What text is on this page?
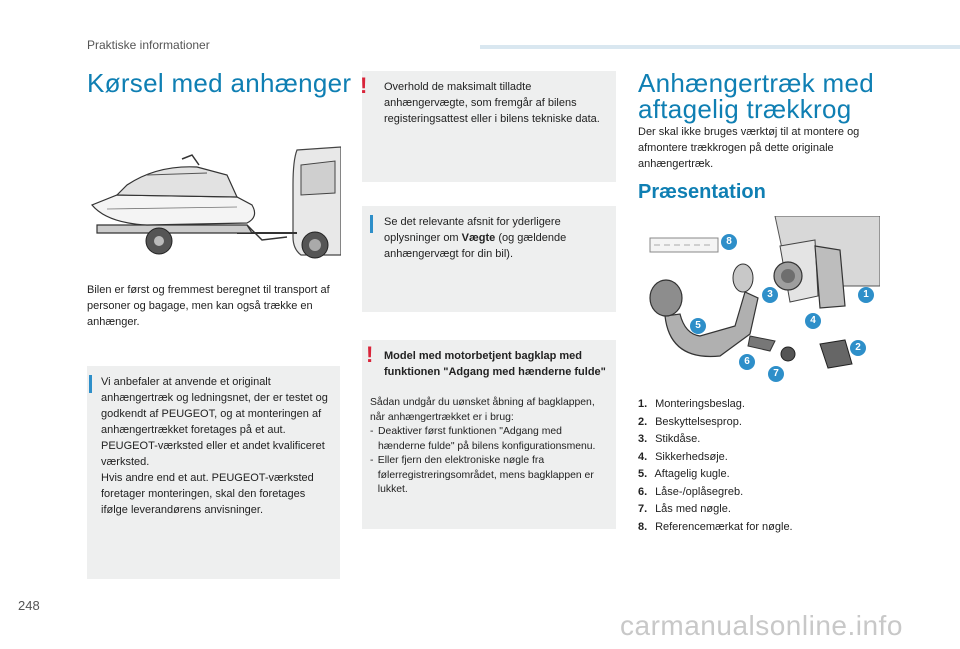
Praktiske informationer
Kørsel med anhænger
Bilen er først og fremmest beregnet til transport af personer og bagage, men kan også trække en anhænger.
Vi anbefaler at anvende et originalt anhængertræk og ledningsnet, der er testet og godkendt af PEUGEOT, og at monteringen af anhængertrækket foretages på et aut. PEUGEOT-værksted eller et andet kvalificeret værksted.
Hvis andre end et aut. PEUGEOT-værksted foretager monteringen, skal den foretages ifølge leverandørens anvisninger.
! Overhold de maksimalt tilladte anhængervægte, som fremgår af bilens registeringsattest eller i bilens tekniske data.
Se det relevante afsnit for yderligere oplysninger om Vægte (og gældende anhængervægt for din bil).
! Model med motorbetjent bagklap med funktionen "Adgang med hænderne fulde"
Sådan undgår du uønsket åbning af bagklappen, når anhængertrækket er i brug:
- Deaktiver først funktionen "Adgang med hænderne fulde" på bilens konfigurationsmenu.
- Eller fjern den elektroniske nøgle fra følerregistreringsområdet, mens bagklappen er lukket.
Anhængertræk med
aftagelig trækkrog
Der skal ikke bruges værktøj til at montere og afmontere trækkrogen på dette originale anhængertræk.
Præsentation
1
2
3
4
5
6
7
8
1. Monteringsbeslag.
2. Beskyttelsesprop.
3. Stikdåse.
4. Sikkerhedsøje.
5. Aftagelig kugle.
6. Låse-/oplåsegreb.
7. Lås med nøgle.
8. Referencemærkat for nøgle.
248
carmanualsonline.info
